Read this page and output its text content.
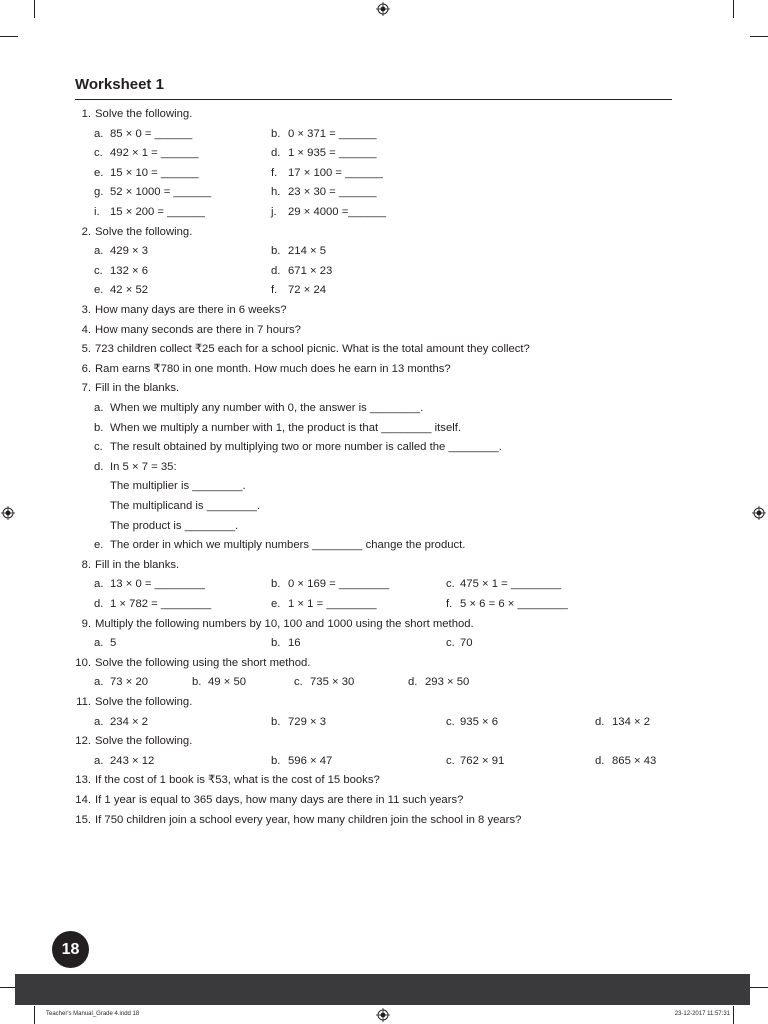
Worksheet 1
1. Solve the following.
a. 85 × 0 = ______	b. 0 × 371 = ______
c. 492 × 1 = ______	d. 1 × 935 = ______
e. 15 × 10 = ______	f. 17 × 100 = ______
g. 52 × 1000 = ______	h. 23 × 30 = ______
i. 15 × 200 = ______	j. 29 × 4000 =______
2. Solve the following.
a. 429 × 3	b. 214 × 5
c. 132 × 6	d. 671 × 23
e. 42 × 52	f. 72 × 24
3. How many days are there in 6 weeks?
4. How many seconds are there in 7 hours?
5. 723 children collect ₹25 each for a school picnic. What is the total amount they collect?
6. Ram earns ₹780 in one month. How much does he earn in 13 months?
7. Fill in the blanks.
a. When we multiply any number with 0, the answer is ________.
b. When we multiply a number with 1, the product is that ________ itself.
c. The result obtained by multiplying two or more number is called the ________.
d. In 5 × 7 = 35:
The multiplier is ________.
The multiplicand is ________.
The product is ________.
e. The order in which we multiply numbers ________ change the product.
8. Fill in the blanks.
a. 13 × 0 = ________	b. 0 × 169 = ________	c. 475 × 1 = ________
d. 1 × 782 = ________	e. 1 × 1 = ________	f. 5 × 6 = 6 × ________
9. Multiply the following numbers by 10, 100 and 1000 using the short method.
a. 5	b. 16	c. 70
10. Solve the following using the short method.
a. 73 × 20	b. 49 × 50	c. 735 × 30	d. 293 × 50
11. Solve the following.
a. 234 × 2	b. 729 × 3	c. 935 × 6	d. 134 × 2
12. Solve the following.
a. 243 × 12	b. 596 × 47	c. 762 × 91	d. 865 × 43
13. If the cost of 1 book is ₹53, what is the cost of 15 books?
14. If 1 year is equal to 365 days, how many days are there in 11 such years?
15. If 750 children join a school every year, how many children join the school in 8 years?
18
Teacher's Manual_Grade 4.indd 18	23-12-2017 11:57:31
